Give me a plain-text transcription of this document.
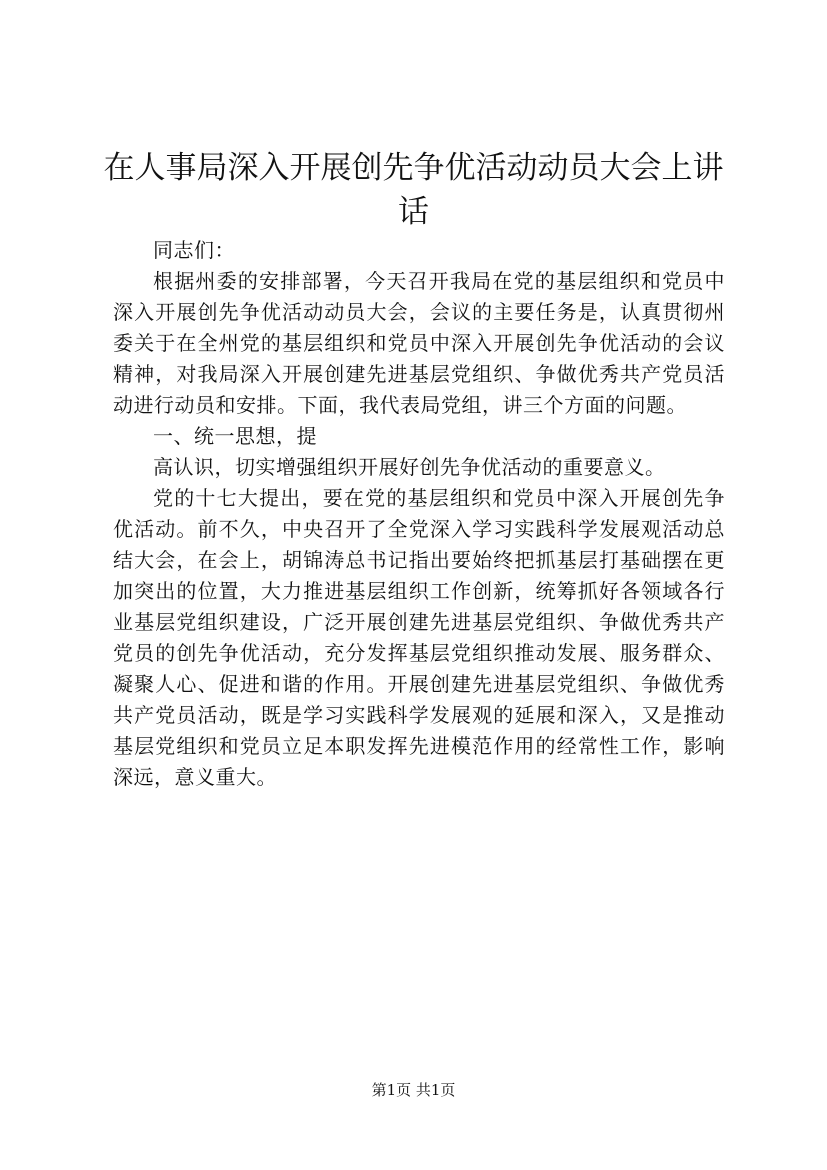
在人事局深入开展创先争优活动动员大会上讲话

同志们：

根据州委的安排部署，今天召开我局在党的基层组织和党员中深入开展创先争优活动动员大会，会议的主要任务是，认真贯彻州委关于在全州党的基层组织和党员中深入开展创先争优活动的会议精神，对我局深入开展创建先进基层党组织、争做优秀共产党员活动进行动员和安排。下面，我代表局党组，讲三个方面的问题。

一、统一思想，提

高认识，切实增强组织开展好创先争优活动的重要意义。

党的十七大提出，要在党的基层组织和党员中深入开展创先争优活动。前不久，中央召开了全党深入学习实践科学发展观活动总结大会，在会上，胡锦涛总书记指出要始终把抓基层打基础摆在更加突出的位置，大力推进基层组织工作创新，统筹抓好各领域各行业基层党组织建设，广泛开展创建先进基层党组织、争做优秀共产党员的创先争优活动，充分发挥基层党组织推动发展、服务群众、凝聚人心、促进和谐的作用。开展创建先进基层党组织、争做优秀共产党员活动，既是学习实践科学发展观的延展和深入，又是推动基层党组织和党员立足本职发挥先进模范作用的经常性工作，影响深远，意义重大。

第1页 共1页
